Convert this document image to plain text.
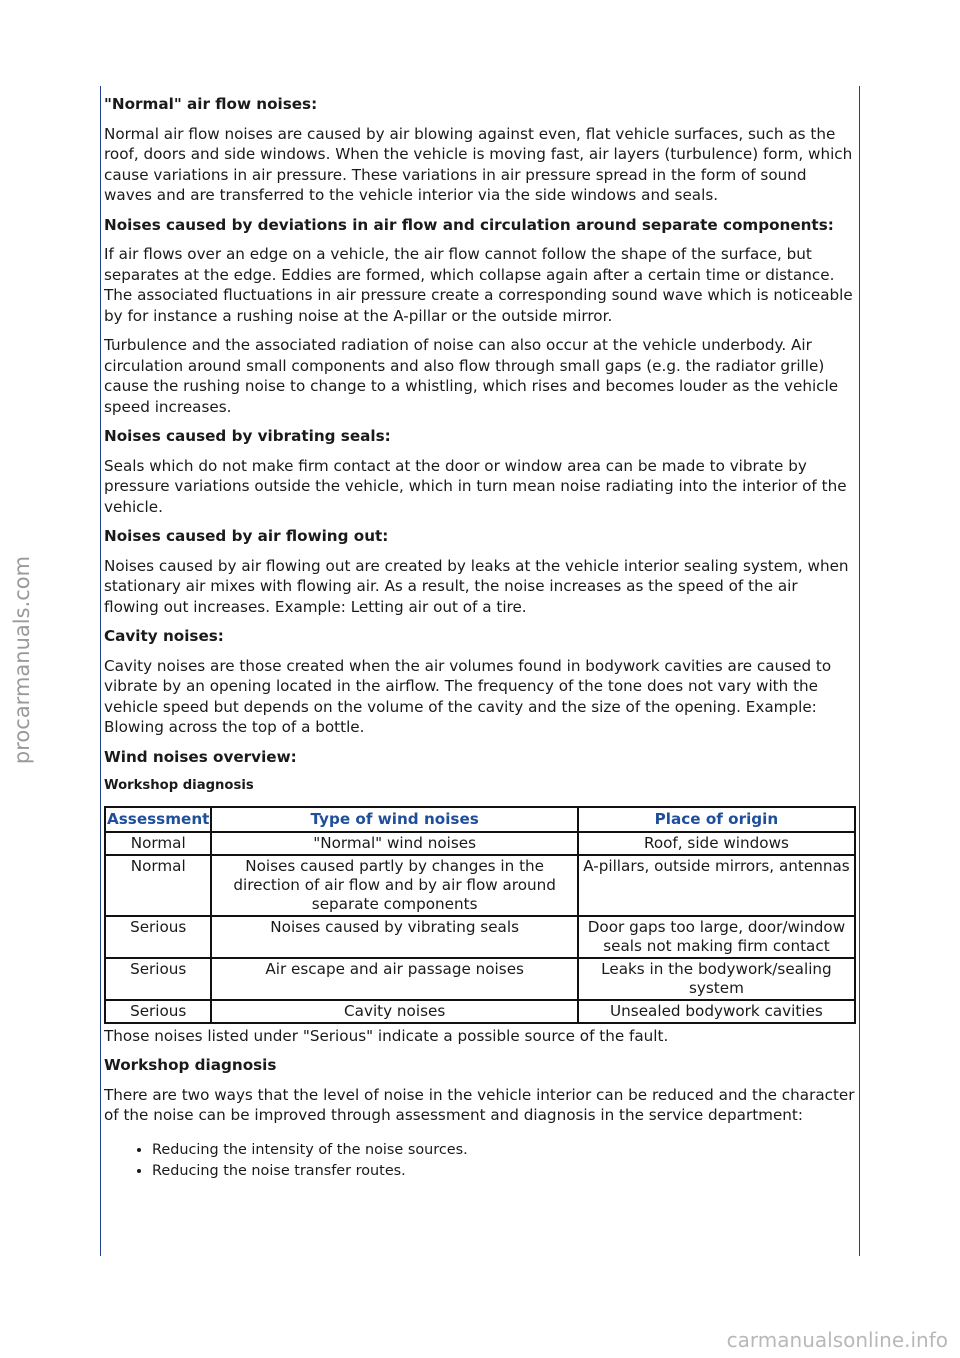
procarmanuals.com
carmanualsonline.info

"Normal" air flow noises:

Normal air flow noises are caused by air blowing against even, flat vehicle surfaces, such as the roof, doors and side windows. When the vehicle is moving fast, air layers (turbulence) form, which cause variations in air pressure. These variations in air pressure spread in the form of sound waves and are transferred to the vehicle interior via the side windows and seals.

Noises caused by deviations in air flow and circulation around separate components:

If air flows over an edge on a vehicle, the air flow cannot follow the shape of the surface, but separates at the edge. Eddies are formed, which collapse again after a certain time or distance. The associated fluctuations in air pressure create a corresponding sound wave which is noticeable by for instance a rushing noise at the A-pillar or the outside mirror.

Turbulence and the associated radiation of noise can also occur at the vehicle underbody. Air circulation around small components and also flow through small gaps (e.g. the radiator grille) cause the rushing noise to change to a whistling, which rises and becomes louder as the vehicle speed increases.

Noises caused by vibrating seals:

Seals which do not make firm contact at the door or window area can be made to vibrate by pressure variations outside the vehicle, which in turn mean noise radiating into the interior of the vehicle.

Noises caused by air flowing out:

Noises caused by air flowing out are created by leaks at the vehicle interior sealing system, when stationary air mixes with flowing air. As a result, the noise increases as the speed of the air flowing out increases. Example: Letting air out of a tire.

Cavity noises:

Cavity noises are those created when the air volumes found in bodywork cavities are caused to vibrate by an opening located in the airflow. The frequency of the tone does not vary with the vehicle speed but depends on the volume of the cavity and the size of the opening. Example: Blowing across the top of a bottle.

Wind noises overview:

Workshop diagnosis

Assessment	Type of wind noises	Place of origin
Normal	"Normal" wind noises	Roof, side windows
Normal	Noises caused partly by changes in the direction of air flow and by air flow around separate components	A-pillars, outside mirrors, antennas
Serious	Noises caused by vibrating seals	Door gaps too large, door/window seals not making firm contact
Serious	Air escape and air passage noises	Leaks in the bodywork/sealing system
Serious	Cavity noises	Unsealed bodywork cavities

Those noises listed under "Serious" indicate a possible source of the fault.

Workshop diagnosis

There are two ways that the level of noise in the vehicle interior can be reduced and the character of the noise can be improved through assessment and diagnosis in the service department:

• Reducing the intensity of the noise sources.
• Reducing the noise transfer routes.
